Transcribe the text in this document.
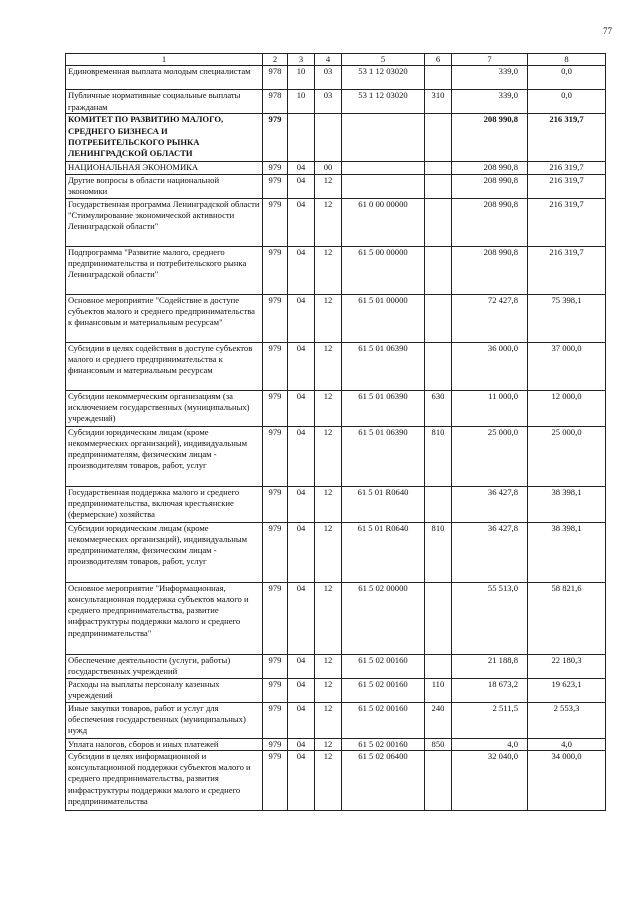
77
1	2	3	4	5	6	7	8
Единовременная выплата молодым специалистам	978	10	03	53 1 12 03020		339,0	0,0
Публичные нормативные социальные выплаты гражданам	978	10	03	53 1 12 03020	310	339,0	0,0
КОМИТЕТ ПО РАЗВИТИЮ МАЛОГО, СРЕДНЕГО БИЗНЕСА И ПОТРЕБИТЕЛЬСКОГО РЫНКА ЛЕНИНГРАДСКОЙ ОБЛАСТИ	979					208 990,8	216 319,7
НАЦИОНАЛЬНАЯ ЭКОНОМИКА	979	04	00			208 990,8	216 319,7
Другие вопросы в области национальной экономики	979	04	12			208 990,8	216 319,7
Государственная программа Ленинградской области "Стимулирование экономической активности Ленинградской области"	979	04	12	61 0 00 00000		208 990,8	216 319,7
Подпрограмма "Развитие малого, среднего предпринимательства и потребительского рынка Ленинградской области"	979	04	12	61 5 00 00000		208 990,8	216 319,7
Основное мероприятие "Содействие в доступе субъектов малого и среднего предпринимательства к финансовым и материальным ресурсам"	979	04	12	61 5 01 00000		72 427,8	75 398,1
Субсидии в целях содействия в доступе субъектов малого и среднего предпринимательства к финансовым и материальным ресурсам	979	04	12	61 5 01 06390		36 000,0	37 000,0
Субсидии некоммерческим организациям (за исключением государственных (муниципальных) учреждений)	979	04	12	61 5 01 06390	630	11 000,0	12 000,0
Субсидии юридическим лицам (кроме некоммерческих организаций), индивидуальным предпринимателям, физическим лицам - производителям товаров, работ, услуг	979	04	12	61 5 01 06390	810	25 000,0	25 000,0
Государственная поддержка малого и среднего предпринимательства, включая крестьянские (фермерские) хозяйства	979	04	12	61 5 01 R0640		36 427,8	38 398,1
Субсидии юридическим лицам (кроме некоммерческих организаций), индивидуальным предпринимателям, физическим лицам - производителям товаров, работ, услуг	979	04	12	61 5 01 R0640	810	36 427,8	38 398,1
Основное мероприятие "Информационная, консультационная поддержка субъектов малого и среднего предпринимательства, развитие инфраструктуры поддержки малого и среднего предпринимательства"	979	04	12	61 5 02 00000		55 513,0	58 821,6
Обеспечение деятельности (услуги, работы) государственных учреждений	979	04	12	61 5 02 00160		21 188,8	22 180,3
Расходы на выплаты персоналу казенных учреждений	979	04	12	61 5 02 00160	110	18 673,2	19 623,1
Иные закупки товаров, работ и услуг для обеспечения государственных (муниципальных) нужд	979	04	12	61 5 02 00160	240	2 511,5	2 553,3
Уплата налогов, сборов и иных платежей	979	04	12	61 5 02 00160	850	4,0	4,0
Субсидии в целях информационной и консультационной поддержки субъектов малого и среднего предпринимательства, развития инфраструктуры поддержки малого и среднего предпринимательства	979	04	12	61 5 02 06400		32 040,0	34 000,0
